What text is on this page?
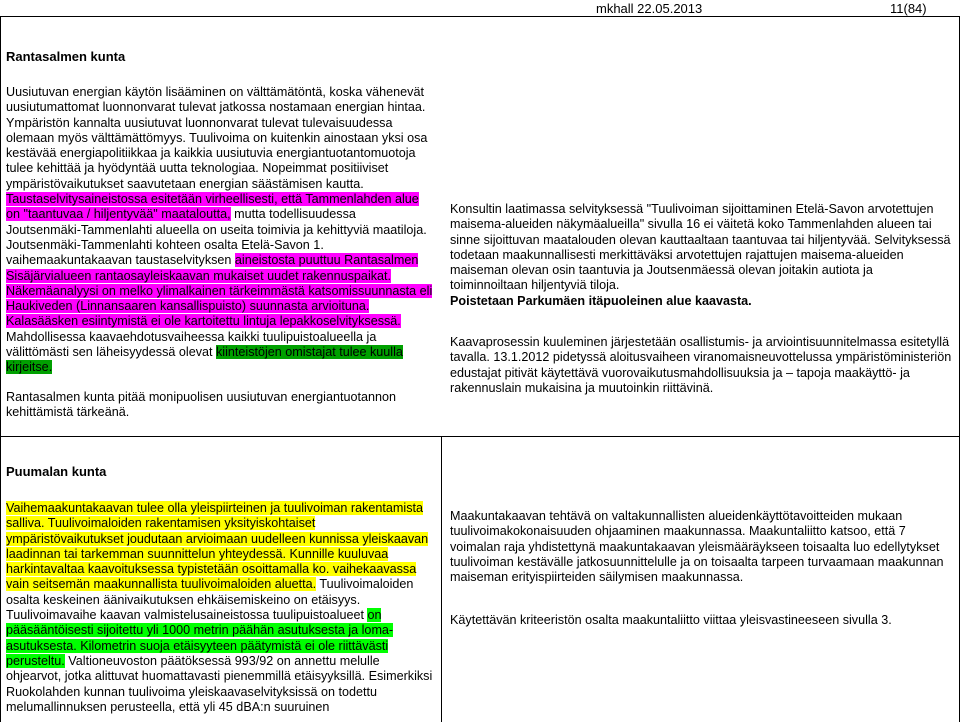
mkhall 22.05.2013	11(84)
Rantasalmen kunta

Uusiutuvan energian käytön lisääminen on välttämätöntä, koska vähenevät uusiutumattomat luonnonvarat tulevat jatkossa nostamaan energian hintaa. Ympäristön kannalta uusiutuvat luonnonvarat tulevat tulevaisuudessa olemaan myös välttämättömyys. Tuulivoima on kuitenkin ainostaan yksi osa kestävää energiapolitiikkaa ja kaikkia uusiutuvia energiantuotantomuotoja tulee kehittää ja hyödyntää uutta teknologiaa. Nopeimmat positiiviset ympäristövaikutukset saavutetaan energian säästämisen kautta. Taustaselvitysaineistossa esitetään virheellisesti, että Tammenlahden alue on "taantuvaa / hiljentyvää" maataloutta, mutta todellisuudessa Joutsenmäki-Tammenlahti alueella on useita toimivia ja kehittyviä maatiloja. Joutsenmäki-Tammenlahti kohteen osalta Etelä-Savon 1. vaihemaakuntakaavan taustaselvityksen aineistosta puuttuu Rantasalmen Sisäjärvialueen rantaosayleiskaavan mukaiset uudet rakennuspaikat. Näkemäanalyysi on melko ylimalkainen tärkeimmästä katsomissuunnasta eli Haukiveden (Linnansaaren kansallispuisto) suunnasta arvioituna. Kalasääsken esiintymistä ei ole kartoitettu lintuja lepakkoselvityksessä. Mahdollisessa kaavaehdotusvaiheessa kaikki tuulipuistoalueella ja välittömästi sen läheisyydessä olevat kiinteistöjen omistajat tulee kuulla kirjeitse.

Rantasalmen kunta pitää monipuolisen uusiutuvan energiantuotannon kehittämistä tärkeänä.

Konsultin laatimassa selvityksessä "Tuulivoiman sijoittaminen Etelä-Savon arvotettujen maisema-alueiden näkymäalueilla" sivulla 16 ei väitetä koko Tammenlahden alueen tai sinne sijoittuvan maatalouden olevan kauttaaltaan taantuvaa tai hiljentyvää. Selvityksessä todetaan maakunnallisesti merkittäväksi arvotettujen rajattujen maisema-alueiden maiseman olevan osin taantuvia ja Joutsenmäessä olevan joitakin autiota ja toiminnoiltaan hiljentyviä tiloja.

Poistetaan Parkumäen itäpuoleinen alue kaavasta.

Kaavaprosessin kuuleminen järjestetään osallistumis- ja arviointisuunnitelmassa esitetyllä tavalla. 13.1.2012 pidetyssä aloitusvaiheen viranomaisneuvottelussa ympäristöministeriön edustajat pitivät käytettävä vuorovaikutusmahdollisuuksia ja – tapoja maakäyttö- ja rakennuslain mukaisina ja muutoinkin riittävinä.

Puumalan kunta

Vaihemaakuntakaavan tulee olla yleispiirteinen ja tuulivoiman rakentamista salliva. Tuulivoimaloiden rakentamisen yksityiskohtaiset ympäristövaikutukset joudutaan arvioimaan uudelleen kunnissa yleiskaavan laadinnan tai tarkemman suunnittelun yhteydessä. Kunnille kuuluvaa harkintavaltaa kaavoituksessa typistetään osoittamalla ko. vaihekaavassa vain seitsemän maakunnallista tuulivoimaloiden aluetta. Tuulivoimaloiden osalta keskeinen äänivaikutuksen ehkäisemiskeino on etäisyys. Tuulivoimavaihe kaavan valmistelusaineistossa tuulipuistoalueet on pääsääntöisesti sijoitettu yli 1000 metrin päähän asutuksesta ja loma-asutuksesta. Kilometrin suoja etäisyyteen päätymistä ei ole riittävästi perusteltu. Valtioneuvoston päätöksessä 993/92 on annettu melulle ohjearvot, jotka alittuvat huomattavasti pienemmillä etäisyyksillä. Esimerkiksi Ruokolahden kunnan tuulivoima yleiskaavaselvityksissä on todettu melumallinnuksen perusteella, että yli 45 dBA:n suuruinen

Maakuntakaavan tehtävä on valtakunnallisten alueidenkäyttötavoitteiden mukaan tuulivoimakokonaisuuden ohjaaminen maakunnassa. Maakuntaliitto katsoo, että 7 voimalan raja yhdistettynä maakuntakaavan yleismääräykseen toisaalta luo edellytykset tuulivoiman kestävälle jatkosuunnittelulle ja on toisaalta tarpeen turvaamaan maakunnan maiseman erityispiirteiden säilymisen maakunnassa.

Käytettävän kriteeristön osalta maakuntaliitto viittaa yleisvastineeseen sivulla 3.
